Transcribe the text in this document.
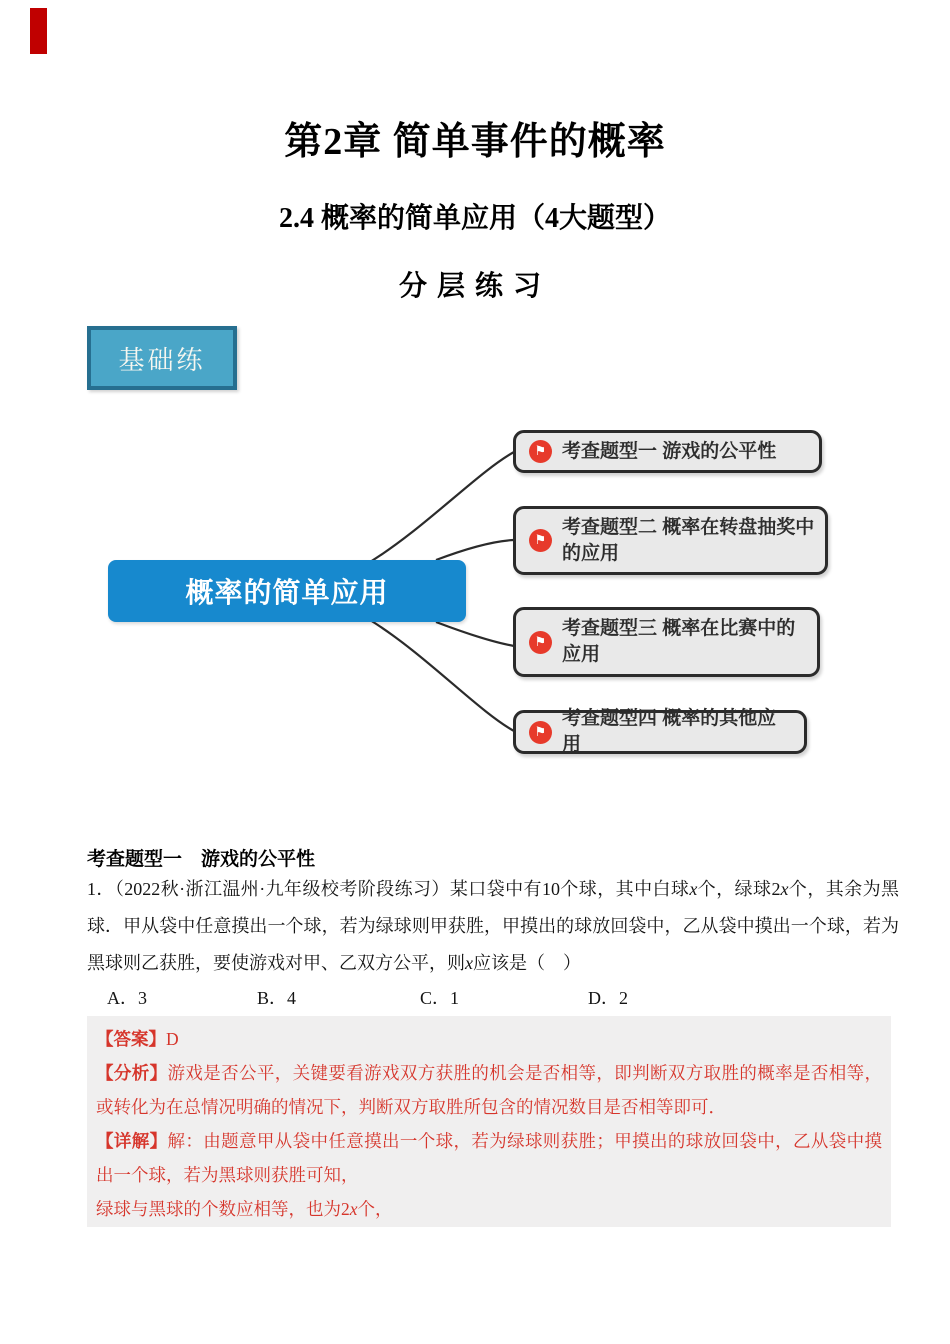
第2章 简单事件的概率
2.4 概率的简单应用（4大题型）
分层练习
基础练
概率的简单应用
⚑ 考查题型一 游戏的公平性
⚑
考查题型二 概率在转盘抽奖中的应用
⚑
考查题型三 概率在比赛中的应用
⚑
考查题型四 概率的其他应用
考查题型一　游戏的公平性
1．（2022秋·浙江温州·九年级校考阶段练习）某口袋中有10个球，其中白球x个，绿球2x个，其余为黑球．甲从袋中任意摸出一个球，若为绿球则甲获胜，甲摸出的球放回袋中，乙从袋中摸出一个球，若为黑球则乙获胜，要使游戏对甲、乙双方公平，则x应该是（　）
A．3	B．4	C．1	D．2

【答案】D

【分析】游戏是否公平，关键要看游戏双方获胜的机会是否相等，即判断双方取胜的概率是否相等，或转化为在总情况明确的情况下，判断双方取胜所包含的情况数目是否相等即可．

【详解】解：由题意甲从袋中任意摸出一个球，若为绿球则获胜；甲摸出的球放回袋中，乙从袋中摸出一个球，若为黑球则获胜可知，

绿球与黑球的个数应相等，也为2x个，
